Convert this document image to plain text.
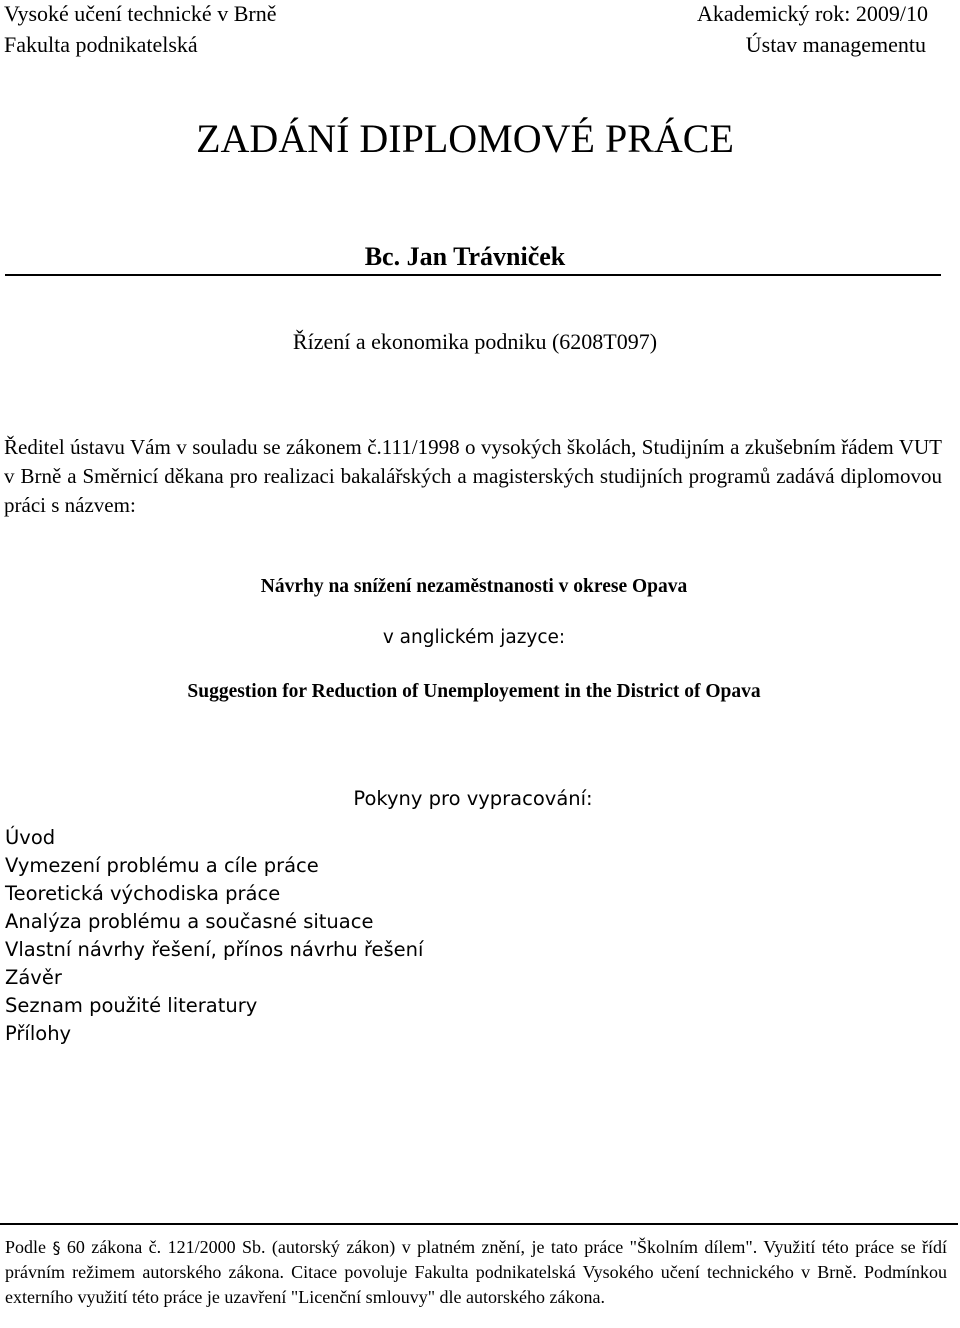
Vysoké učení technické v Brně	Akademický rok: 2009/10
Fakulta podnikatelská	Ústav managementu
ZADÁNÍ DIPLOMOVÉ PRÁCE
Bc. Jan Trávniček
Řízení a ekonomika podniku (6208T097)
Ředitel ústavu Vám v souladu se zákonem č.111/1998 o vysokých školách, Studijním a zkušebním řádem VUT v Brně a Směrnicí děkana pro realizaci bakalářských a magisterských studijních programů zadává diplomovou práci s názvem:
Návrhy na snížení nezaměstnanosti v okrese Opava
v anglickém jazyce:
Suggestion for Reduction of Unemployement in the District of Opava
Pokyny pro vypracování:
Úvod
Vymezení problému a cíle práce
Teoretická východiska práce
Analýza problému a současné situace
Vlastní návrhy řešení, přínos návrhu řešení
Závěr
Seznam použité literatury
Přílohy
Podle § 60 zákona č. 121/2000 Sb. (autorský zákon) v platném znění, je tato práce "Školním dílem". Využití této práce se řídí právním režimem autorského zákona. Citace povoluje Fakulta podnikatelská Vysokého učení technického v Brně. Podmínkou externího využití této práce je uzavření "Licenční smlouvy" dle autorského zákona.
